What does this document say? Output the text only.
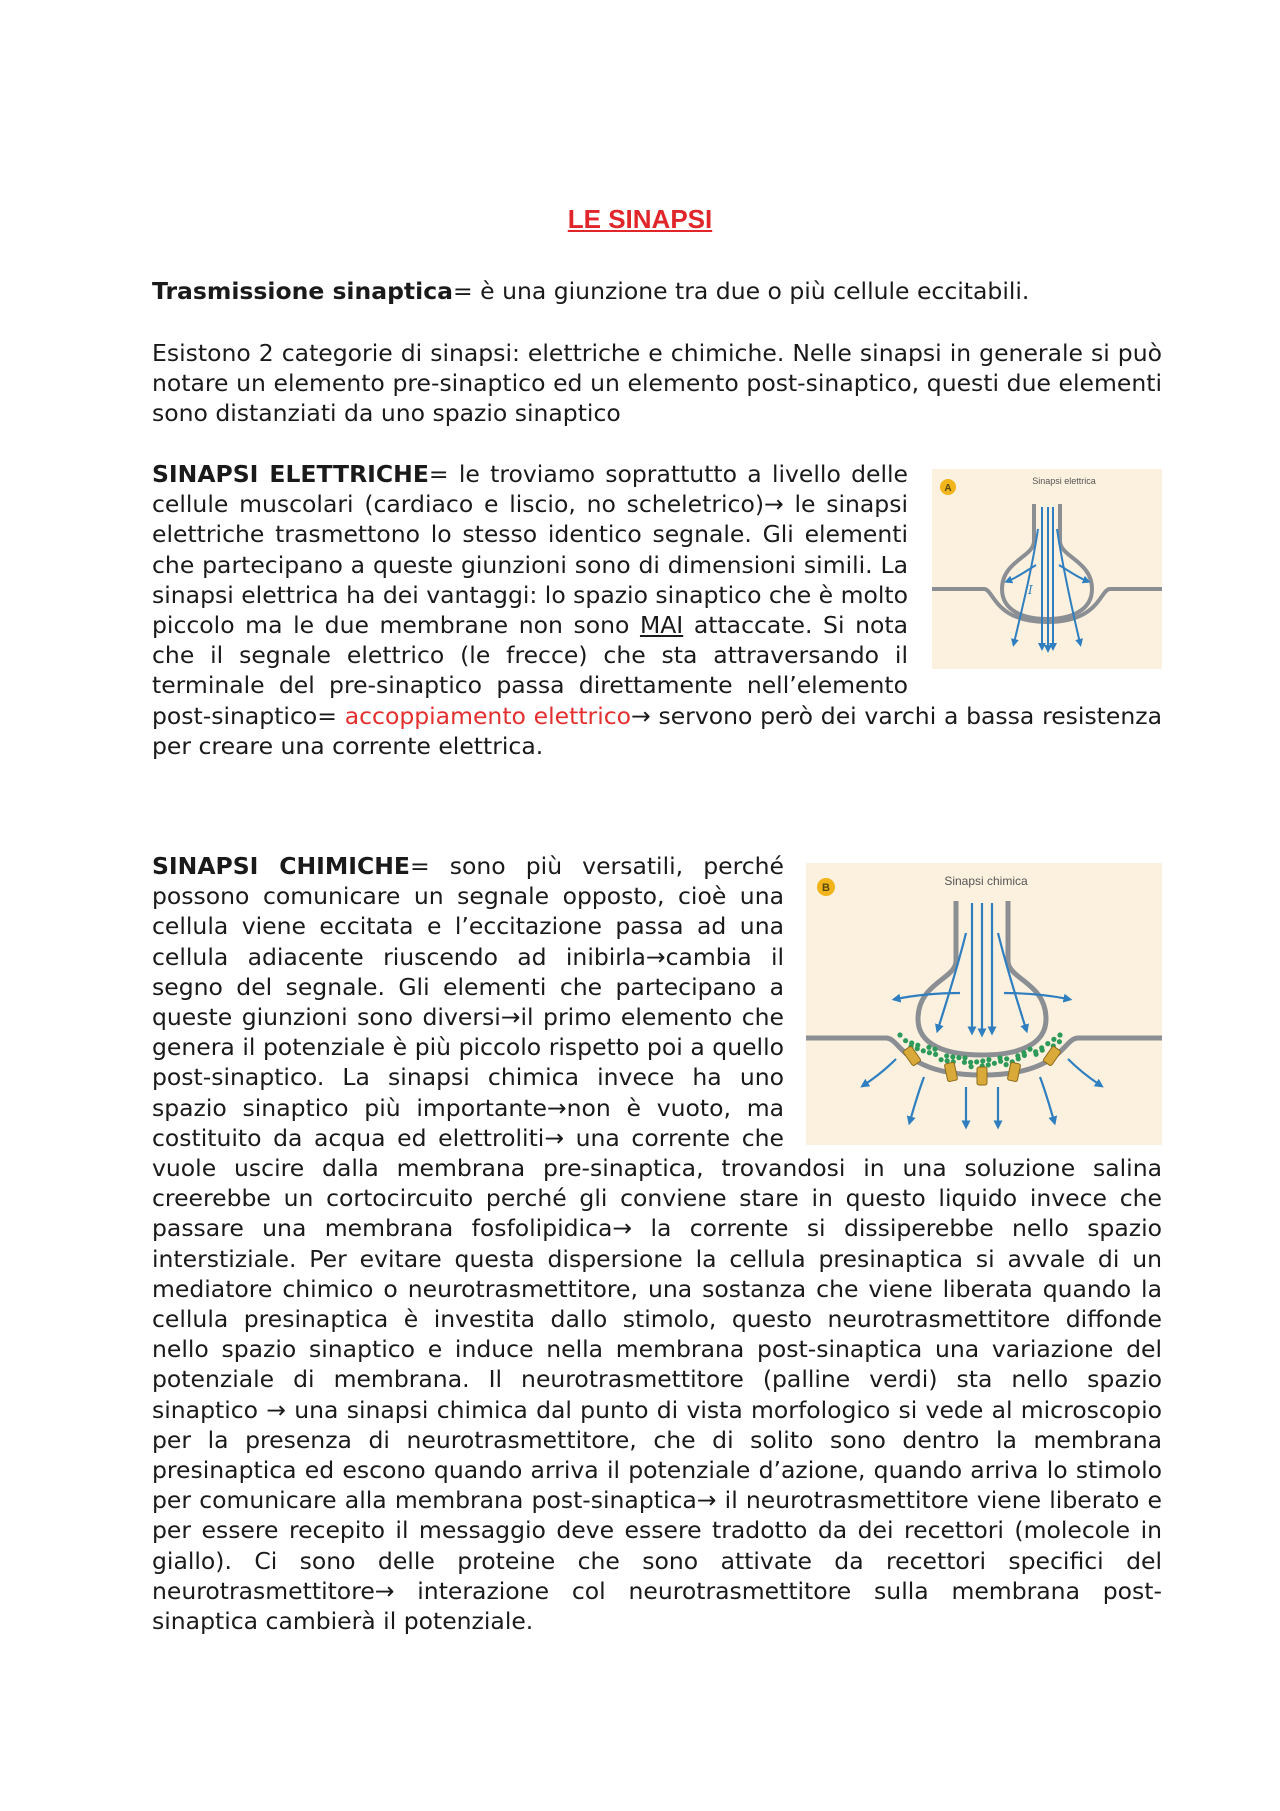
LE SINAPSI

Trasmissione sinaptica= è una giunzione tra due o più cellule eccitabili.

Esistono 2 categorie di sinapsi: elettriche e chimiche. Nelle sinapsi in generale si può notare un elemento pre-sinaptico ed un elemento post-sinaptico, questi due elementi sono distanziati da uno spazio sinaptico

A
Sinapsi elettrica
I
SINAPSI ELETTRICHE= le troviamo soprattutto a livello delle cellule muscolari (cardiaco e liscio, no scheletrico)→ le sinapsi elettriche trasmettono lo stesso identico segnale. Gli elementi che partecipano a queste giunzioni sono di dimensioni simili. La sinapsi elettrica ha dei vantaggi: lo spazio sinaptico che è molto piccolo ma le due membrane non sono MAI attaccate. Si nota che il segnale elettrico (le frecce) che sta attraversando il terminale del pre-sinaptico passa direttamente nell’elemento post-sinaptico= accoppiamento elettrico→ servono però dei varchi a bassa resistenza per creare una corrente elettrica.
B	Sinapsi chimica
SINAPSI CHIMICHE= sono più versatili, perché possono comunicare un segnale opposto, cioè una cellula viene eccitata e l’eccitazione passa ad una cellula adiacente riuscendo ad inibirla→cambia il segno del segnale. Gli elementi che partecipano a queste giunzioni sono diversi→il primo elemento che genera il potenziale è più piccolo rispetto poi a quello post-sinaptico. La sinapsi chimica invece ha uno spazio sinaptico più importante→non è vuoto, ma costituito da acqua ed elettroliti→ una corrente che vuole uscire dalla membrana pre-sinaptica, trovandosi in una soluzione salina creerebbe un cortocircuito perché gli conviene stare in questo liquido invece che passare una membrana fosfolipidica→ la corrente si dissiperebbe nello spazio interstiziale. Per evitare questa dispersione la cellula presinaptica si avvale di un mediatore chimico o neurotrasmettitore, una sostanza che viene liberata quando la cellula presinaptica è investita dallo stimolo, questo neurotrasmettitore diffonde nello spazio sinaptico e induce nella membrana post-sinaptica una variazione del potenziale di membrana. Il neurotrasmettitore (palline verdi) sta nello spazio sinaptico → una sinapsi chimica dal punto di vista morfologico si vede al microscopio per la presenza di neurotrasmettitore, che di solito sono dentro la membrana presinaptica ed escono quando arriva il potenziale d’azione, quando arriva lo stimolo per comunicare alla membrana post-sinaptica→ il neurotrasmettitore viene liberato e per essere recepito il messaggio deve essere tradotto da dei recettori (molecole in giallo). Ci sono delle proteine che sono attivate da recettori specifici del neurotrasmettitore→ interazione col neurotrasmettitore sulla membrana post-sinaptica cambierà il potenziale.
